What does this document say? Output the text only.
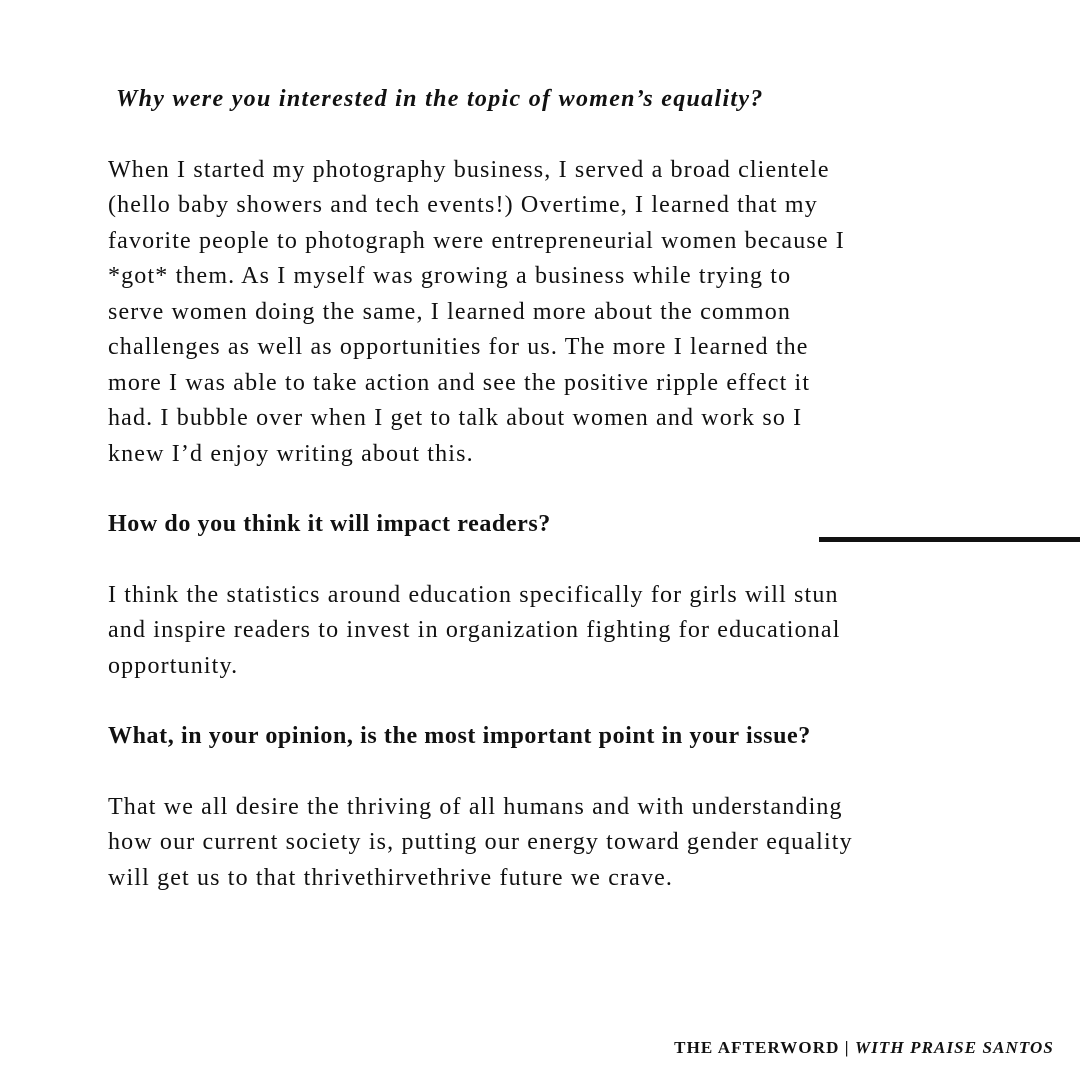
Why were you interested in the topic of women’s equality?

When I started my photography business, I served a broad clientele (hello baby showers and tech events!) Overtime, I learned that my favorite people to photograph were entrepreneurial women because I *got* them. As I myself was growing a business while trying to serve women doing the same, I learned more about the common challenges as well as opportunities for us. The more I learned the more I was able to take action and see the positive ripple effect it had. I bubble over when I get to talk about women and work so I knew I’d enjoy writing about this.

How do you think it will impact readers?

I think the statistics around education specifically for girls will stun and inspire readers to invest in organization fighting for educational opportunity.

What, in your opinion, is the most important point in your issue?

That we all desire the thriving of all humans and with understanding how our current society is, putting our energy toward gender equality will get us to that thrivethirvethrive future we crave.

THE AFTERWORD | WITH PRAISE SANTOS
